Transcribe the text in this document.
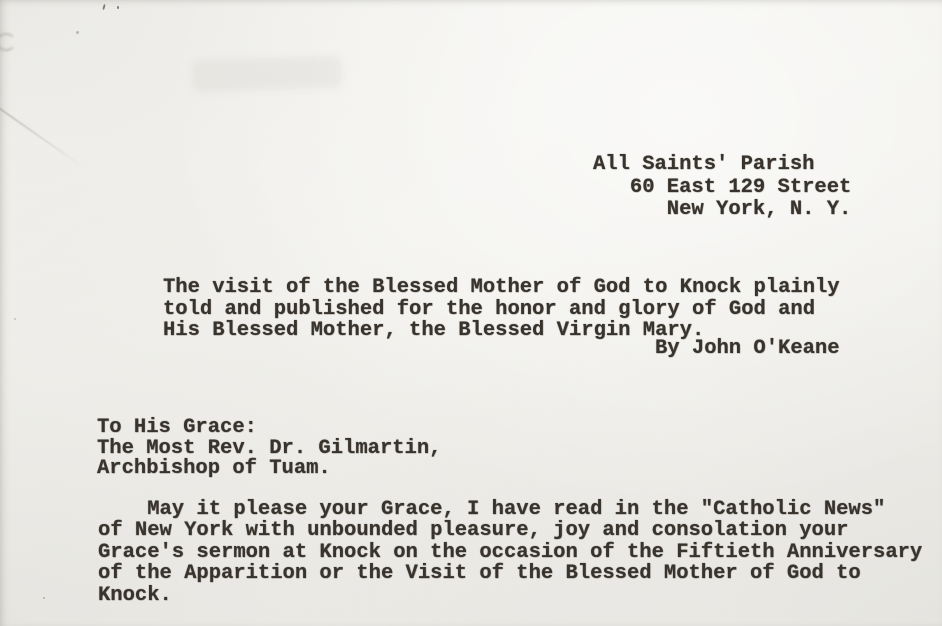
All Saints' Parish
60 East 129 Street
New York, N. Y.
The visit of the Blessed Mother of God to Knock plainly
told and published for the honor and glory of God and
His Blessed Mother, the Blessed Virgin Mary.
By John O'Keane
To His Grace:
The Most Rev. Dr. Gilmartin,
Archbishop of Tuam.
May it please your Grace, I have read in the "Catholic News"
of New York with unbounded pleasure, joy and consolation your
Grace's sermon at Knock on the occasion of the Fiftieth Anniversary
of the Apparition or the Visit of the Blessed Mother of God to
Knock.
